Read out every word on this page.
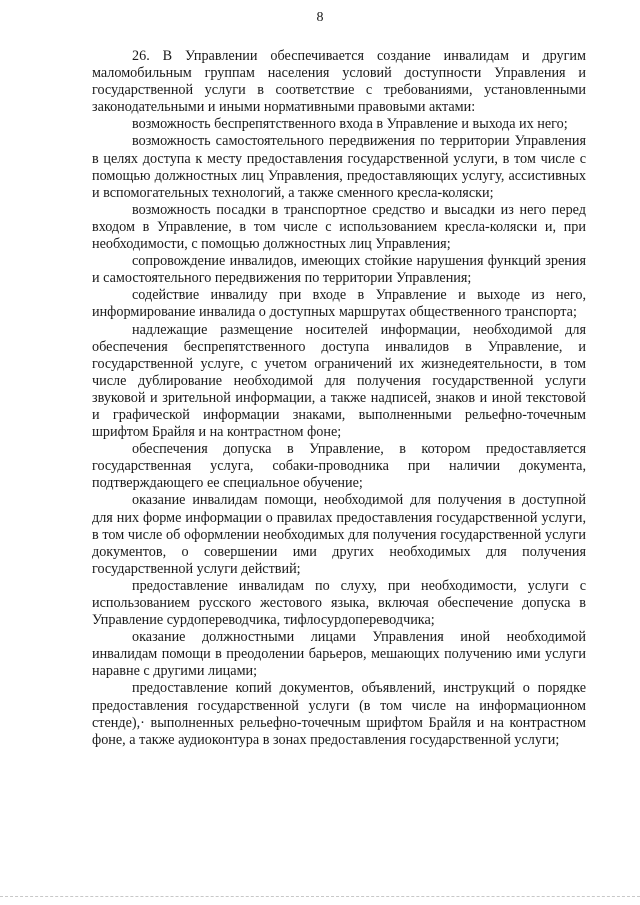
8

26. В Управлении обеспечивается создание инвалидам и другим маломобильным группам населения условий доступности Управления и государственной услуги в соответствие с требованиями, установленными законодательными и иными нормативными правовыми актами:

возможность беспрепятственного входа в Управление и выхода их него;

возможность самостоятельного передвижения по территории Управления в целях доступа к месту предоставления государственной услуги, в том числе с помощью должностных лиц Управления, предоставляющих услугу, ассистивных и вспомогательных технологий, а также сменного кресла-коляски;

возможность посадки в транспортное средство и высадки из него перед входом в Управление, в том числе с использованием кресла-коляски и, при необходимости, с помощью должностных лиц Управления;

сопровождение инвалидов, имеющих стойкие нарушения функций зрения и самостоятельного передвижения по территории Управления;

содействие инвалиду при входе в Управление и выходе из него, информирование инвалида о доступных маршрутах общественного транспорта;

надлежащие размещение носителей информации, необходимой для обеспечения беспрепятственного доступа инвалидов в Управление, и государственной услуге, с учетом ограничений их жизнедеятельности, в том числе дублирование необходимой для получения государственной услуги звуковой и зрительной информации, а также надписей, знаков и иной текстовой и графической информации знаками, выполненными рельефно-точечным шрифтом Брайля и на контрастном фоне;

обеспечения допуска в Управление, в котором предоставляется государственная услуга, собаки-проводника при наличии документа, подтверждающего ее специальное обучение;

оказание инвалидам помощи, необходимой для получения в доступной для них форме информации о правилах предоставления государственной услуги, в том числе об оформлении необходимых для получения государственной услуги документов, о совершении ими других необходимых для получения государственной услуги действий;

предоставление инвалидам по слуху, при необходимости, услуги с использованием русского жестового языка, включая обеспечение допуска в Управление сурдопереводчика, тифлосурдопереводчика;

оказание должностными лицами Управления иной необходимой инвалидам помощи в преодолении барьеров, мешающих получению ими услуги наравне с другими лицами;

предоставление копий документов, объявлений, инструкций о порядке предоставления государственной услуги (в том числе на информационном стенде),· выполненных рельефно-точечным шрифтом Брайля и на контрастном фоне, а также аудиоконтура в зонах предоставления государственной услуги;
